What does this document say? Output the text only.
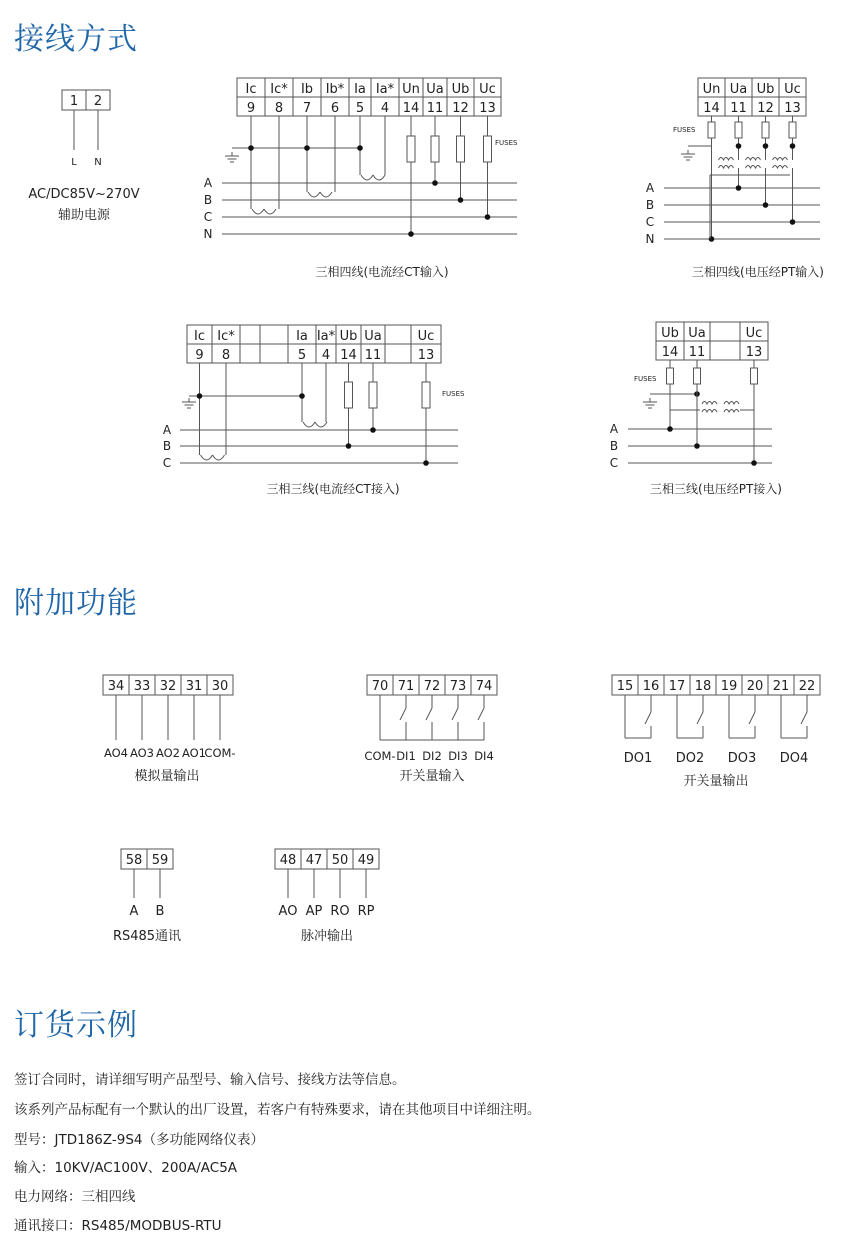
接线方式
附加功能
订货示例
1 2
L N
AC/DC85V~270V
辅助电源
Ic
9
Ic*
8
Ib
7
Ib*
6
Ia
5
Ia*
4
Un
14
Ua
11
Ub
12
Uc
13
A
B
C
N
FUSES
三相四线(电流经CT输入)
Un
14
Ua
11
Ub
12
Uc
13
A
B
C
N
FUSES
三相四线(电压经PT输入)
Ic
9
Ic*
8
Ia
5
Ia*
4
Ub
14
Ua
11
Uc
13
A
B
C
FUSES
三相三线(电流经CT接入)
Ub
14
Ua
11
Uc
13
A
B
C
FUSES
三相三线(电压经PT接入)
34 33 32 31 30
AO4 AO3 AO2 AO1
COM-
模拟量输出
70 71 72 73 74
COM- DI1 DI2 DI3 DI4
开关量输入
15 16 17 18 19 20 21 22
DO1 DO2 DO3 DO4
开关量输出
58 59
A B
RS485通讯
48 47 50 49
AO AP RO RP
脉冲输出

签订合同时，请详细写明产品型号、输入信号、接线方法等信息。

该系列产品标配有一个默认的出厂设置，若客户有特殊要求，请在其他项目中详细注明。

型号：JTD186Z-9S4（多功能网络仪表）

输入：10KV/AC100V、200A/AC5A

电力网络：三相四线

通讯接口：RS485/MODBUS-RTU
